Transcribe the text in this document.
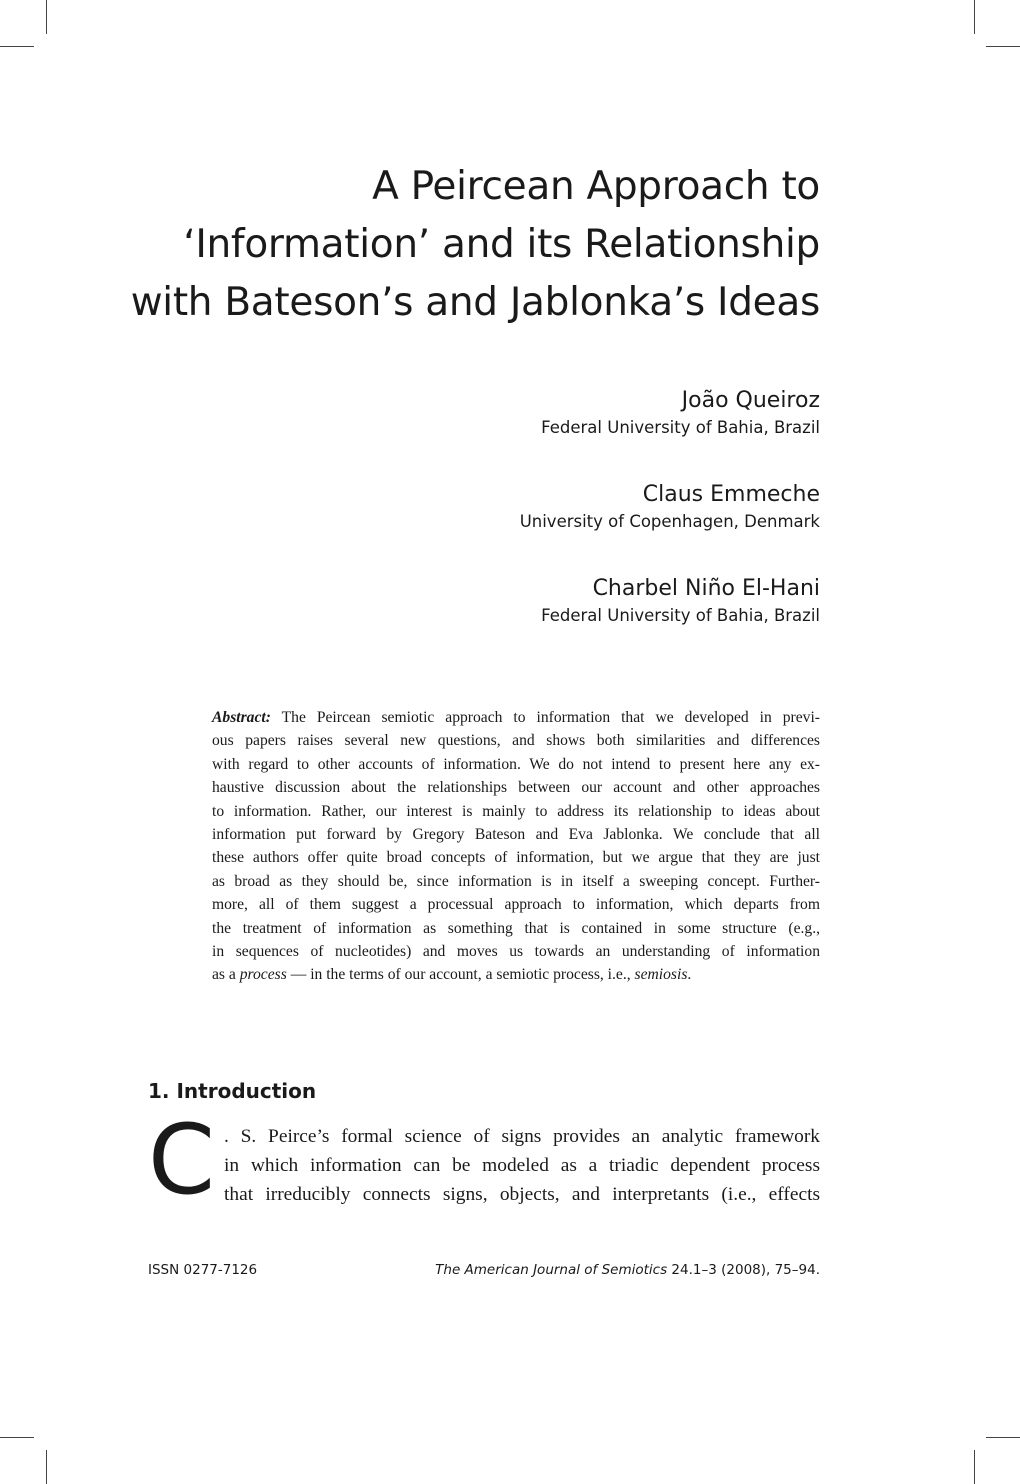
A Peircean Approach to
‘Information’ and its Relationship
with Bateson’s and Jablonka’s Ideas
João Queiroz
Federal University of Bahia, Brazil
Claus Emmeche
University of Copenhagen, Denmark
Charbel Niño El-Hani
Federal University of Bahia, Brazil
Abstract: The Peircean semiotic approach to information that we developed in previ-
ous papers raises several new questions, and shows both similarities and differences
with regard to other accounts of information. We do not intend to present here any ex-
haustive discussion about the relationships between our account and other approaches
to information. Rather, our interest is mainly to address its relationship to ideas about
information put forward by Gregory Bateson and Eva Jablonka. We conclude that all
these authors offer quite broad concepts of information, but we argue that they are just
as broad as they should be, since information is in itself a sweeping concept. Further-
more, all of them suggest a processual approach to information, which departs from
the treatment of information as something that is contained in some structure (e.g.,
in sequences of nucleotides) and moves us towards an understanding of information
as a process — in the terms of our account, a semiotic process, i.e., semiosis.
1. Introduction
C . S. Peirce’s formal science of signs provides an analytic framework
in which information can be modeled as a triadic dependent process
that irreducibly connects signs, objects, and interpretants (i.e., effects
ISSN 0277-7126	The American Journal of Semiotics 24.1–3 (2008), 75–94.
